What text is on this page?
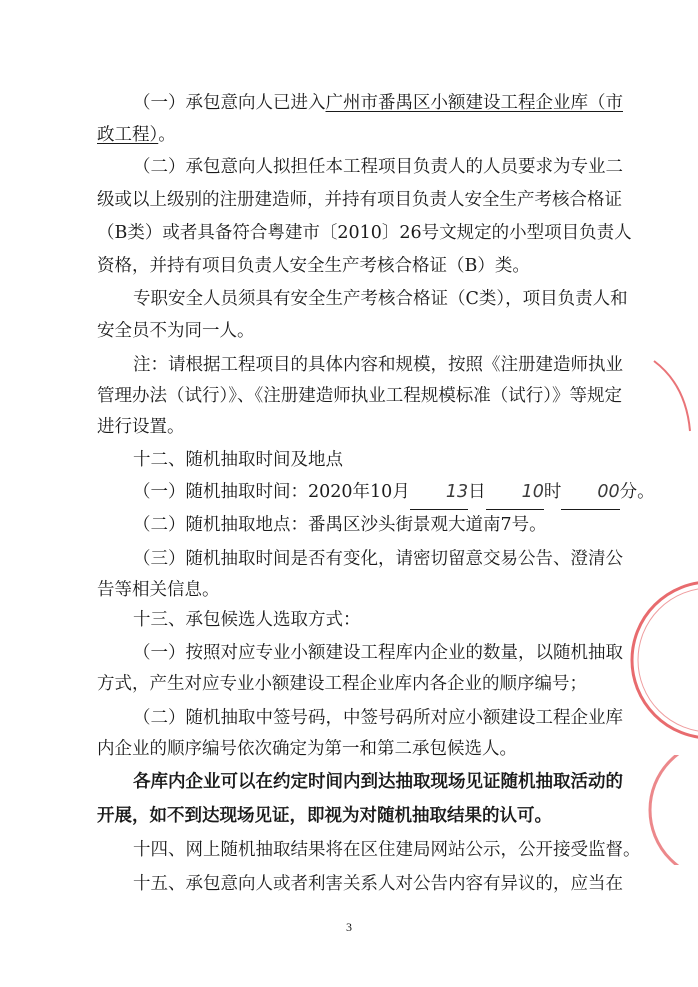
（一）承包意向人已进入广州市番禺区小额建设工程企业库（市

政工程）。

（二）承包意向人拟担任本工程项目负责人的人员要求为专业二

级或以上级别的注册建造师，并持有项目负责人安全生产考核合格证

（B类）或者具备符合粤建市〔2010〕26号文规定的小型项目负责人

资格，并持有项目负责人安全生产考核合格证（B）类。

专职安全人员须具有安全生产考核合格证（C类），项目负责人和

安全员不为同一人。

注：请根据工程项目的具体内容和规模，按照《注册建造师执业

管理办法（试行）》、《注册建造师执业工程规模标准（试行）》等规定

进行设置。

十二、随机抽取时间及地点

（一）随机抽取时间：2020年10月 13日 10时 00分。

（二）随机抽取地点：番禺区沙头街景观大道南7号。

（三）随机抽取时间是否有变化，请密切留意交易公告、澄清公

告等相关信息。

十三、承包候选人选取方式：

（一）按照对应专业小额建设工程库内企业的数量，以随机抽取

方式，产生对应专业小额建设工程企业库内各企业的顺序编号；

（二）随机抽取中签号码，中签号码所对应小额建设工程企业库

内企业的顺序编号依次确定为第一和第二承包候选人。

各库内企业可以在约定时间内到达抽取现场见证随机抽取活动的

开展，如不到达现场见证，即视为对随机抽取结果的认可。

十四、网上随机抽取结果将在区住建局网站公示，公开接受监督。

十五、承包意向人或者利害关系人对公告内容有异议的，应当在

3
